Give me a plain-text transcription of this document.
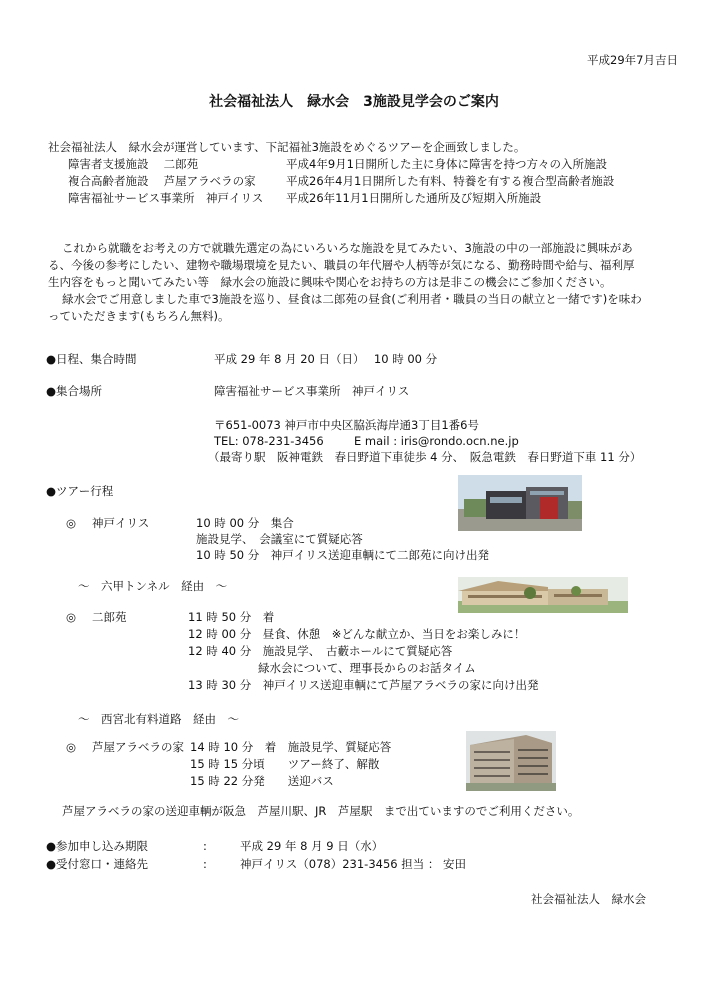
平成29年7月吉日
社会福祉法人　緑水会　3施設見学会のご案内
社会福祉法人　緑水会が運営しています、下記福祉3施設をめぐるツアーを企画致しました。
障害者支援施設　 二郎苑	平成4年9月1日開所した主に身体に障害を持つ方々の入所施設
複合高齢者施設　 芦屋アラベラの家	平成26年4月1日開所した有料、特養を有する複合型高齢者施設
障害福祉サービス事業所　神戸イリス 平成26年11月1日開所した通所及び短期入所施設
これから就職をお考えの方で就職先選定の為にいろいろな施設を見てみたい、3施設の中の一部施設に興味があ
る、今後の参考にしたい、建物や職場環境を見たい、職員の年代層や人柄等が気になる、勤務時間や給与、福利厚
生内容をもっと聞いてみたい等　緑水会の施設に興味や関心をお持ちの方は是非この機会にご参加ください。
緑水会でご用意しました車で3施設を巡り、昼食は二郎苑の昼食(ご利用者・職員の当日の献立と一緒です)を味わ
っていただきます(もちろん無料)。
●日程、集合時間	平成 29 年 8 月 20 日（日）　 10 時 00 分
●集合場所	障害福祉サービス事業所　神戸イリス
〒651-0073 神戸市中央区脇浜海岸通3丁目1番6号
TEL: 078-231-3456	E mail : iris@rondo.ocn.ne.jp
（最寄り駅　阪神電鉄　春日野道下車徒歩 4 分、　阪急電鉄　春日野道下車 11 分）
●ツアー行程
◎ 神戸イリス	10 時 00 分　集合
施設見学、　会議室にて質疑応答
10 時 50 分　神戸イリス送迎車輌にて二郎苑に向け出発
～　六甲トンネル　経由　～
◎ 二郎苑	11 時 50 分　着
12 時 00 分　昼食、休憩　※どんな献立か、当日をお楽しみに！
12 時 40 分　施設見学、　古藪ホールにて質疑応答
緑水会について、理事長からのお話タイム
13 時 30 分　神戸イリス送迎車輌にて芦屋アラベラの家に向け出発
～　西宮北有料道路　経由　～
◎ 芦屋アラベラの家 14 時 10 分　着　施設見学、質疑応答
15 時 15 分頃　　ツアー終了、解散
15 時 22 分発　　送迎バス
芦屋アラベラの家の送迎車輌が阪急　芦屋川駅、JR　芦屋駅　まで出ていますのでご利用ください。
●参加申し込み期限	:	平成 29 年 8 月 9 日（水）
●受付窓口・連絡先	:	神戸イリス（078）231-3456 担当 ： 安田
社会福祉法人　緑水会
